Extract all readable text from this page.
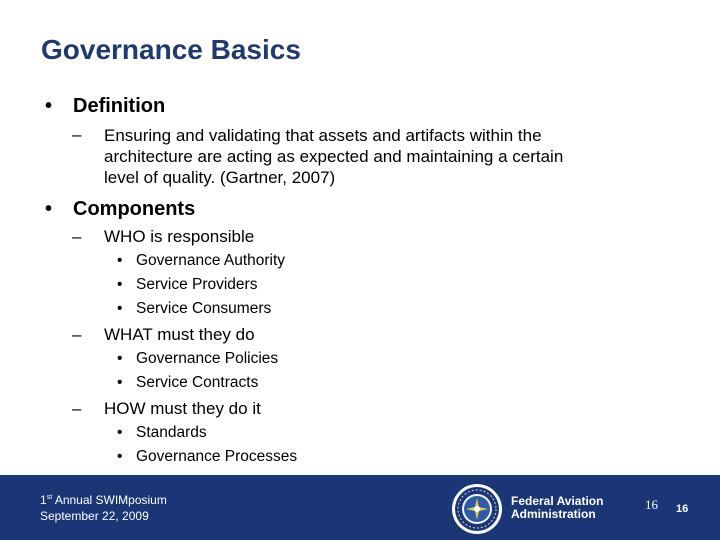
Governance Basics
• Definition
–	Ensuring and validating that assets and artifacts within the
architecture are acting as expected and maintaining a certain
level of quality. (Gartner, 2007)
• Components
– WHO is responsible
• Governance Authority
• Service Providers
• Service Consumers
– WHAT must they do
• Governance Policies
• Service Contracts
– HOW must they do it
• Standards
• Governance Processes
1st Annual SWIMposium
September 22, 2009
Federal Aviation
Administration
16 16
